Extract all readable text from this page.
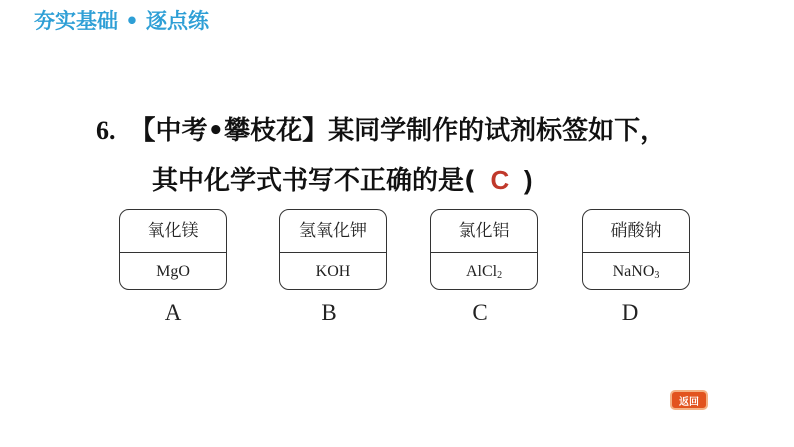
夯实基础 • 逐点练
6. 【中考•攀枝花】某同学制作的试剂标签如下，
其中化学式书写不正确的是( C )
氧化镁
MgO
A
氢氧化钾
KOH
B
氯化铝
AlCl$_2$
C
硝酸钠
NaNO$_3$
D
返回
